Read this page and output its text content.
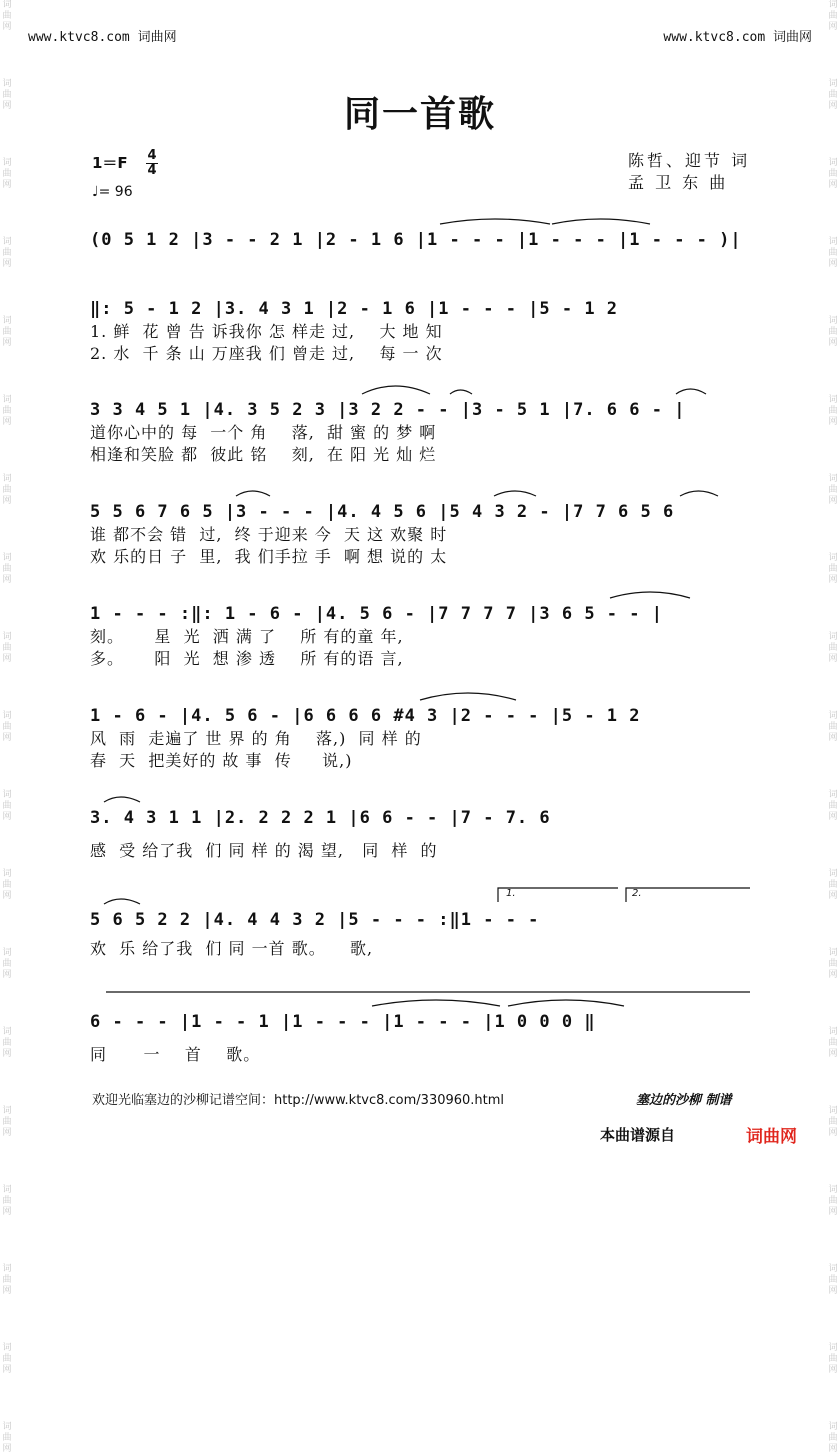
词
曲
网
词
曲
网
词
曲
网
词
曲
网
词
曲
网
词
曲
网
词
曲
网
词
曲
网
词
曲
网
词
曲
网
词
曲
网
词
曲
网
词
曲
网
词
曲
网
词
曲
网
词
曲
网
词
曲
网
词
曲
网
词
曲
网
词
曲
网
词
曲
网
词
曲
网
词
曲
网
词
曲
网
词
曲
网
词
曲
网
词
曲
网
词
曲
网
词
曲
网
词
曲
网
词
曲
网
词
曲
网
词
曲
网
词
曲
网
词
曲
网
词
曲
网
词
曲
网
词
曲
网
www.ktvc8.com 词曲网	www.ktvc8.com 词曲网
同一首歌
1＝F 4
4
♩= 96
陈哲、迎节 词
孟 卫 东 曲
(0 5 1 2 |3 - - 2 1 |2 - 1 6 |1 - - - |1 - - - |1 - - - )|
‖: 5 - 1 2 |3. 4 3 1 |2 - 1 6 |1 - - - |5 - 1 2
1. 鲜  花 曾 告 诉我你 怎 样走 过,    大 地 知
2. 水  千 条 山 万座我 们 曾走 过,    每 一 次
3 3 4 5 1 |4. 3 5 2 3 |3 2 2 - - |3 - 5 1 |7. 6 6 - |
道你心中的 每  一个 角    落,  甜 蜜 的 梦 啊
相逢和笑脸 都  彼此 铭    刻,  在 阳 光 灿 烂
5 5 6 7 6 5 |3 - - - |4. 4 5 6 |5 4 3 2 - |7 7 6 5 6
谁 都不会 错  过,  终 于迎来 今  天 这 欢聚 时
欢 乐的日 子  里,  我 们手拉 手  啊 想 说的 太
1 - - - :‖: 1 - 6 - |4. 5 6 - |7 7 7 7 |3 6 5 - - |
刻。     星  光  洒 满 了    所 有的童 年,
多。     阳  光  想 渗 透    所 有的语 言,
1 - 6 - |4. 5 6 - |6 6 6 6 #4 3 |2 - - - |5 - 1 2
风  雨  走遍了 世 界 的 角    落,)  同 样 的
春  天  把美好的 故 事  传     说,)
3. 4 3 1 1 |2. 2 2 2 1 |6 6 - - |7 - 7. 6
感  受 给了我  们 同 样 的 渴 望,   同  样  的
5 6 5 2 2 |4. 4 4 3 2 |5 - - - :‖1 - - -
欢  乐 给了我  们 同 一首 歌。    歌,
6 - - - |1 - - 1 |1 - - - |1 - - - |1 0 0 0 ‖
同      一    首    歌。
1.	2.
欢迎光临塞边的沙柳记谱空间：http://www.ktvc8.com/330960.html	塞边的沙柳 制谱
本曲谱源自	词曲网
